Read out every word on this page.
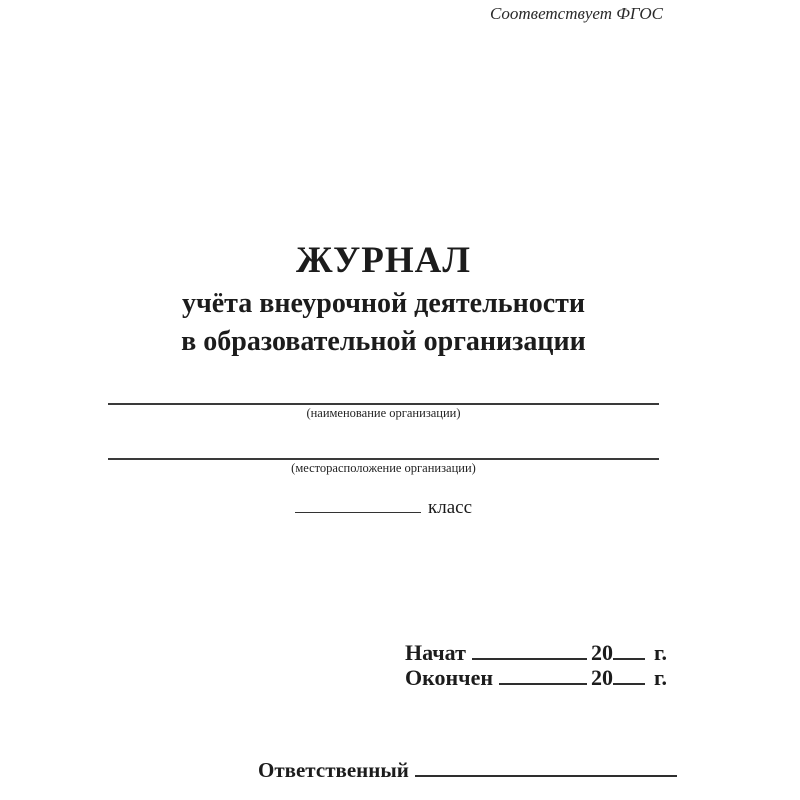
Соответствует ФГОС
ЖУРНАЛ
учёта внеурочной деятельности
в образовательной организации
(наименование организации)
(месторасположение организации)
класс
Начат	20 г.
Окончен	20 г.
Ответственный
